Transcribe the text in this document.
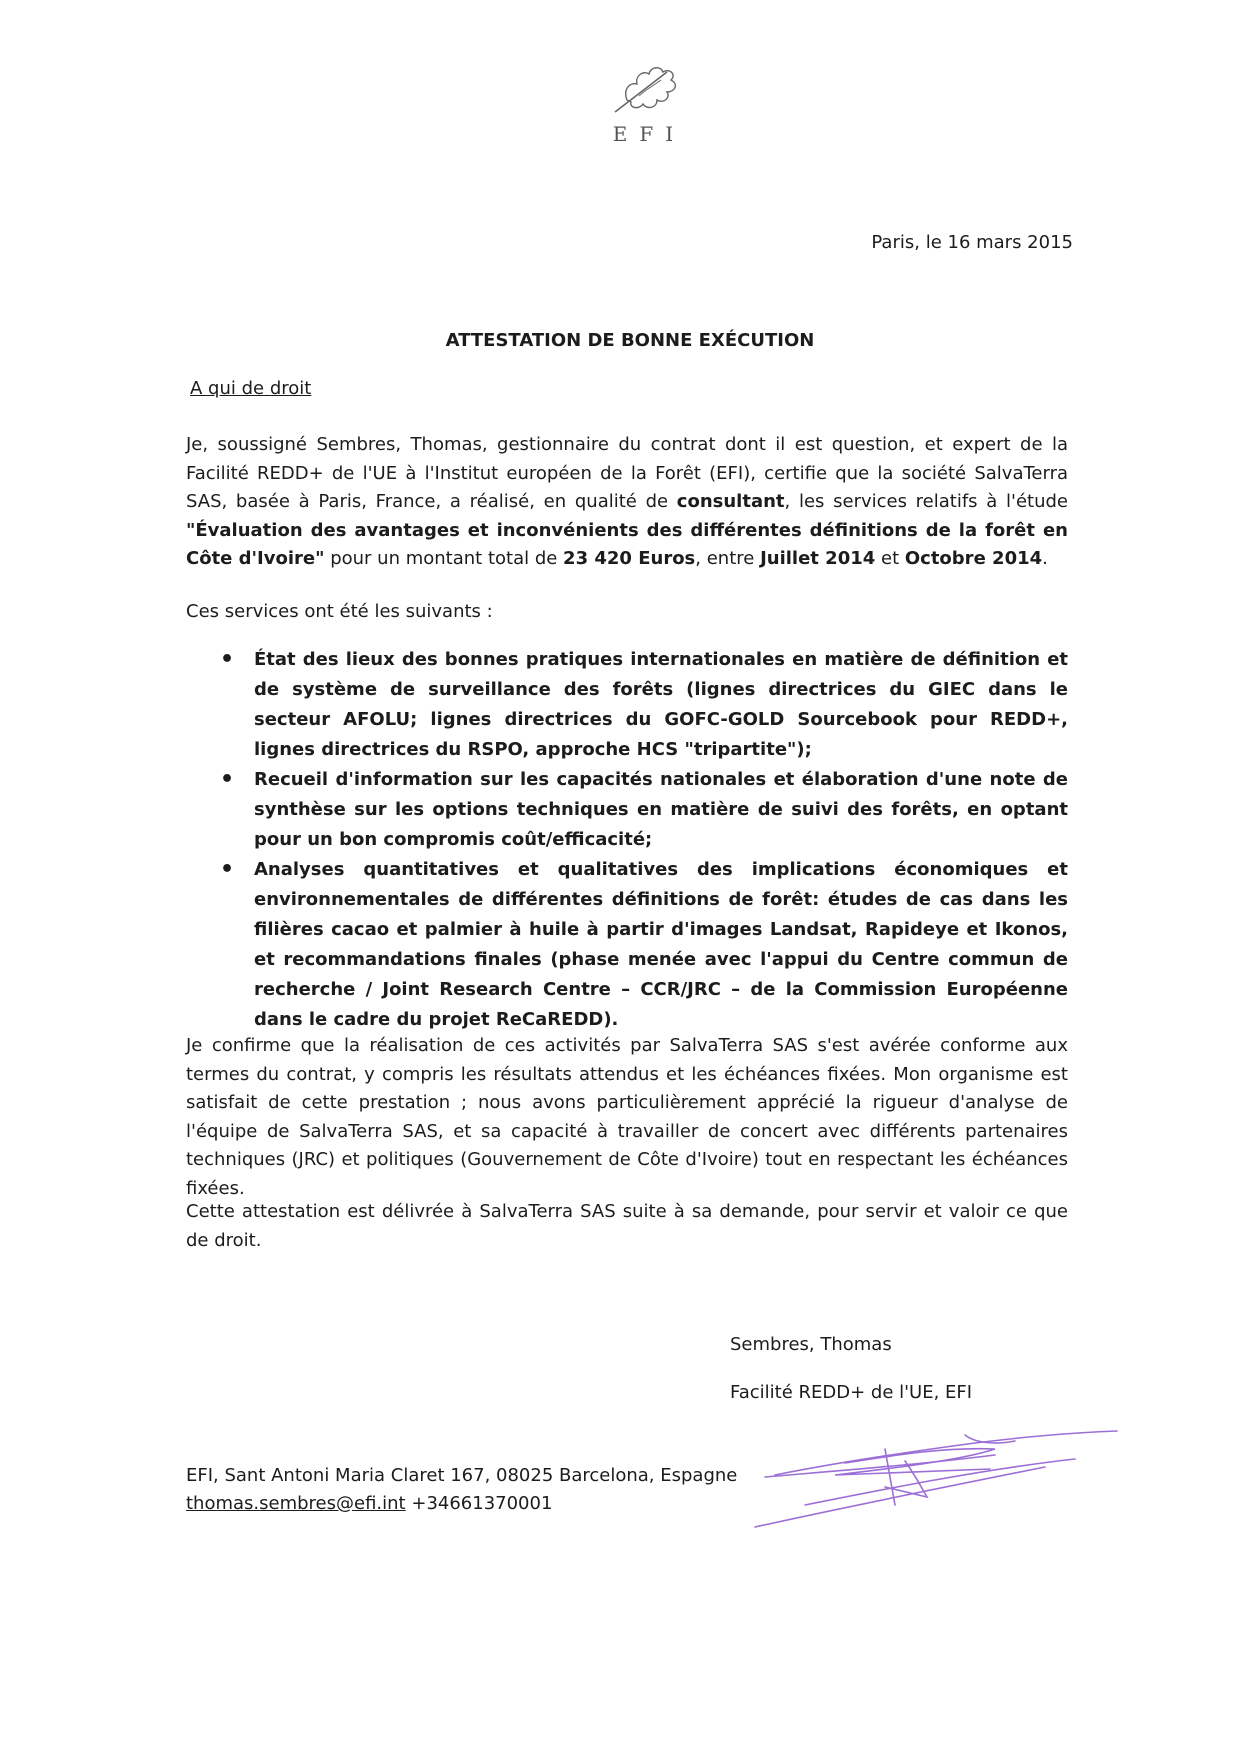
EFI
Paris, le 16 mars 2015
ATTESTATION DE BONNE EXÉCUTION
A qui de droit
Je, soussigné Sembres, Thomas, gestionnaire du contrat dont il est question, et expert de la Facilité REDD+ de l'UE à l'Institut européen de la Forêt (EFI), certifie que la société SalvaTerra SAS, basée à Paris, France, a réalisé, en qualité de consultant, les services relatifs à l'étude "Évaluation des avantages et inconvénients des différentes définitions de la forêt en Côte d'Ivoire" pour un montant total de 23 420 Euros, entre Juillet 2014 et Octobre 2014.
Ces services ont été les suivants :
• État des lieux des bonnes pratiques internationales en matière de définition et de système de surveillance des forêts (lignes directrices du GIEC dans le secteur AFOLU; lignes directrices du GOFC-GOLD Sourcebook pour REDD+, lignes directrices du RSPO, approche HCS "tripartite");
• Recueil d'information sur les capacités nationales et élaboration d'une note de synthèse sur les options techniques en matière de suivi des forêts, en optant pour un bon compromis coût/efficacité;
• Analyses quantitatives et qualitatives des implications économiques et environnementales de différentes définitions de forêt: études de cas dans les filières cacao et palmier à huile à partir d'images Landsat, Rapideye et Ikonos, et recommandations finales (phase menée avec l'appui du Centre commun de recherche / Joint Research Centre – CCR/JRC – de la Commission Européenne dans le cadre du projet ReCaREDD).
Je confirme que la réalisation de ces activités par SalvaTerra SAS s'est avérée conforme aux termes du contrat, y compris les résultats attendus et les échéances fixées. Mon organisme est satisfait de cette prestation ; nous avons particulièrement apprécié la rigueur d'analyse de l'équipe de SalvaTerra SAS, et sa capacité à travailler de concert avec différents partenaires techniques (JRC) et politiques (Gouvernement de Côte d'Ivoire) tout en respectant les échéances fixées.
Cette attestation est délivrée à SalvaTerra SAS suite à sa demande, pour servir et valoir ce que de droit.
Sembres, Thomas
Facilité REDD+ de l'UE, EFI
EFI, Sant Antoni Maria Claret 167, 08025 Barcelona, Espagne
thomas.sembres@efi.int +34661370001
